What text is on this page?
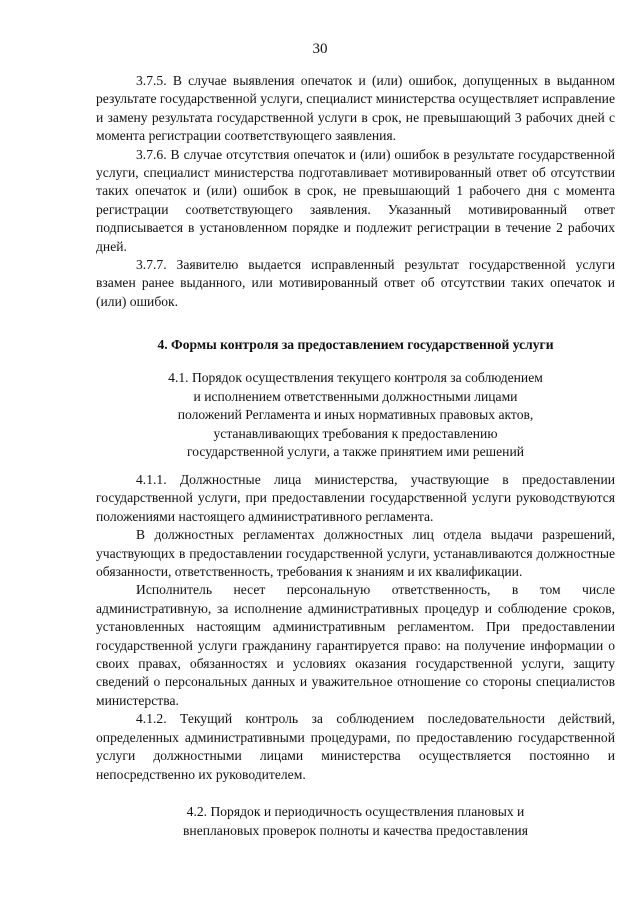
30

3.7.5. В случае выявления опечаток и (или) ошибок, допущенных в выданном результате государственной услуги, специалист министерства осуществляет исправление и замену результата государственной услуги в срок, не превышающий 3 рабочих дней с момента регистрации соответствующего заявления.

3.7.6. В случае отсутствия опечаток и (или) ошибок в результате государственной услуги, специалист министерства подготавливает мотивированный ответ об отсутствии таких опечаток и (или) ошибок в срок, не превышающий 1 рабочего дня с момента регистрации соответствующего заявления. Указанный мотивированный ответ подписывается в установленном порядке и подлежит регистрации в течение 2 рабочих дней.

3.7.7. Заявителю выдается исправленный результат государственной услуги взамен ранее выданного, или мотивированный ответ об отсутствии таких опечаток и (или) ошибок.

4. Формы контроля за предоставлением государственной услуги

4.1. Порядок осуществления текущего контроля за соблюдением

и исполнением ответственными должностными лицами

положений Регламента и иных нормативных правовых актов,

устанавливающих требования к предоставлению

государственной услуги, а также принятием ими решений

4.1.1. Должностные лица министерства, участвующие в предоставлении государственной услуги, при предоставлении государственной услуги руководствуются положениями настоящего административного регламента.

В должностных регламентах должностных лиц отдела выдачи разрешений, участвующих в предоставлении государственной услуги, устанавливаются должностные обязанности, ответственность, требования к знаниям и их квалификации.

Исполнитель несет персональную ответственность, в том числе административную, за исполнение административных процедур и соблюдение сроков, установленных настоящим административным регламентом. При предоставлении государственной услуги гражданину гарантируется право: на получение информации о своих правах, обязанностях и условиях оказания государственной услуги, защиту сведений о персональных данных и уважительное отношение со стороны специалистов министерства.

4.1.2. Текущий контроль за соблюдением последовательности действий, определенных административными процедурами, по предоставлению государственной услуги должностными лицами министерства осуществляется постоянно и непосредственно их руководителем.

4.2. Порядок и периодичность осуществления плановых и

внеплановых проверок полноты и качества предоставления
